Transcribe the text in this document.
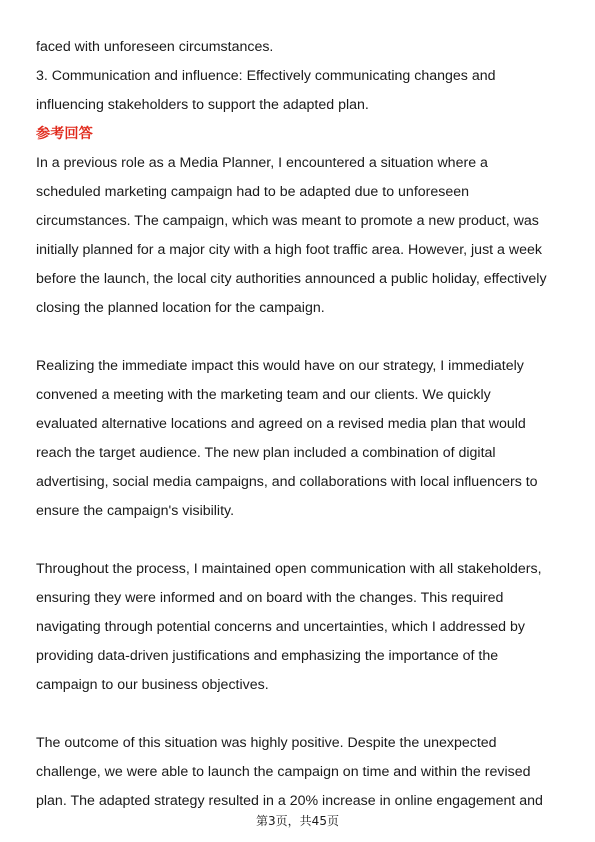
faced with unforeseen circumstances.

3. Communication and influence: Effectively communicating changes and

influencing stakeholders to support the adapted plan.

参考回答

In a previous role as a Media Planner, I encountered a situation where a

scheduled marketing campaign had to be adapted due to unforeseen

circumstances. The campaign, which was meant to promote a new product, was

initially planned for a major city with a high foot traffic area. However, just a week

before the launch, the local city authorities announced a public holiday, effectively

closing the planned location for the campaign.

Realizing the immediate impact this would have on our strategy, I immediately

convened a meeting with the marketing team and our clients. We quickly

evaluated alternative locations and agreed on a revised media plan that would

reach the target audience. The new plan included a combination of digital

advertising, social media campaigns, and collaborations with local influencers to

ensure the campaign's visibility.

Throughout the process, I maintained open communication with all stakeholders,

ensuring they were informed and on board with the changes. This required

navigating through potential concerns and uncertainties, which I addressed by

providing data-driven justifications and emphasizing the importance of the

campaign to our business objectives.

The outcome of this situation was highly positive. Despite the unexpected

challenge, we were able to launch the campaign on time and within the revised

plan. The adapted strategy resulted in a 20% increase in online engagement and

第3页，共45页
